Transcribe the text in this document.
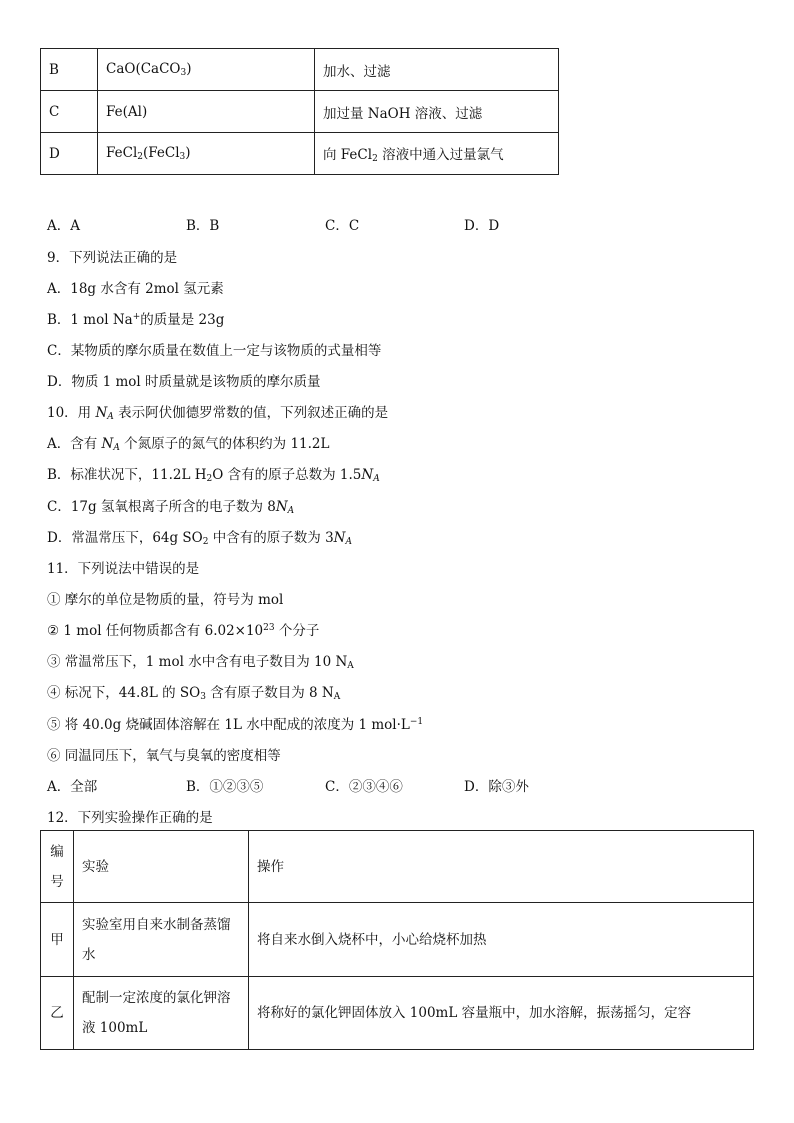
B	CaO(CaCO$_3$)	加水、过滤
C	Fe(Al)	加过量 NaOH 溶液、过滤
D	FeCl$_2$(FeCl$_3$)	向 FeCl$_2$ 溶液中通入过量氯气
A．A	B．B	C．C	D．D
9．下列说法正确的是
A．18g 水含有 2mol 氢元素
B．1 mol Na+的质量是 23g
C．某物质的摩尔质量在数值上一定与该物质的式量相等
D．物质 1 mol 时质量就是该物质的摩尔质量
10．用 $N_A$ 表示阿伏伽德罗常数的值，下列叙述正确的是
A．含有 $N_A$ 个氮原子的氮气的体积约为 11.2L
B．标准状况下，11.2L $H_2O$ 含有的原子总数为 $1.5N_A$
C．17g 氢氧根离子所含的电子数为 $8N_A$
D．常温常压下，64g $SO_2$ 中含有的原子数为 $3N_A$
11．下列说法中错误的是
① 摩尔的单位是物质的量，符号为 mol
② 1 mol 任何物质都含有 $6.02\times 10^{23}$ 个分子
③ 常温常压下，1 mol 水中含有电子数目为 10 $N_A$
④ 标况下，44.8L 的 $SO_3$ 含有原子数目为 8 $N_A$
⑤ 将 40.0g 烧碱固体溶解在 1L 水中配成的浓度为 1 $mol\cdot L^{-1}$
⑥ 同温同压下，氧气与臭氧的密度相等
A．全部	B．①②③⑤	C．②③④⑥	D．除③外
12．下列实验操作正确的是
编号	实验	操作
甲	实验室用自来水制备蒸馏水	将自来水倒入烧杯中，小心给烧杯加热
乙	配制一定浓度的氯化钾溶液 100mL	将称好的氯化钾固体放入 100mL 容量瓶中，加水溶解，振荡摇匀，定容
